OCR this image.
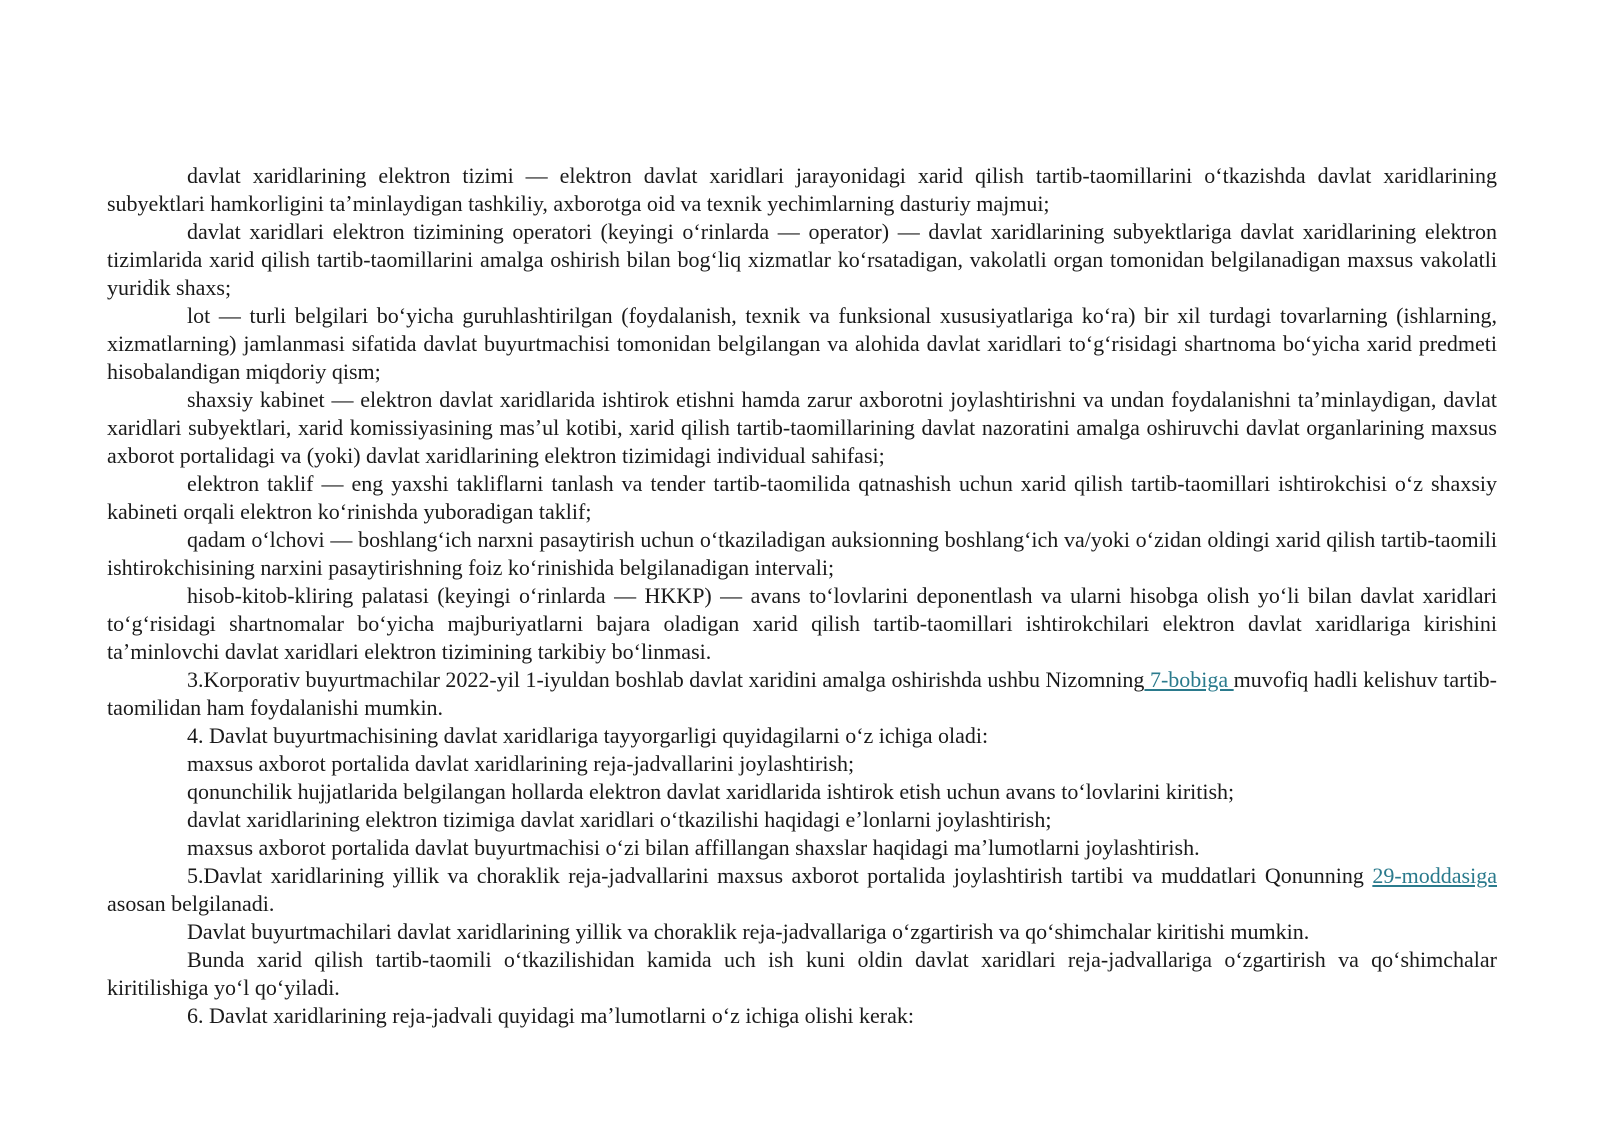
davlat xaridlarining elektron tizimi — elektron davlat xaridlari jarayonidagi xarid qilish tartib-taomillarini oʻtkazishda davlat xaridlarining subyektlari hamkorligini taʼminlaydigan tashkiliy, axborotga oid va texnik yechimlarning dasturiy majmui;

davlat xaridlari elektron tizimining operatori (keyingi oʻrinlarda — operator) — davlat xaridlarining subyektlariga davlat xaridlarining elektron tizimlarida xarid qilish tartib-taomillarini amalga oshirish bilan bogʻliq xizmatlar koʻrsatadigan, vakolatli organ tomonidan belgilanadigan maxsus vakolatli yuridik shaxs;

lot — turli belgilari boʻyicha guruhlashtirilgan (foydalanish, texnik va funksional xususiyatlariga koʻra) bir xil turdagi tovarlarning (ishlarning, xizmatlarning) jamlanmasi sifatida davlat buyurtmachisi tomonidan belgilangan va alohida davlat xaridlari toʻgʻrisidagi shartnoma boʻyicha xarid predmeti hisobalandigan miqdoriy qism;

shaxsiy kabinet — elektron davlat xaridlarida ishtirok etishni hamda zarur axborotni joylashtirishni va undan foydalanishni taʼminlaydigan, davlat xaridlari subyektlari, xarid komissiyasining masʼul kotibi, xarid qilish tartib-taomillarining davlat nazoratini amalga oshiruvchi davlat organlarining maxsus axborot portalidagi va (yoki) davlat xaridlarining elektron tizimidagi individual sahifasi;

elektron taklif — eng yaxshi takliflarni tanlash va tender tartib-taomilida qatnashish uchun xarid qilish tartib-taomillari ishtirokchisi oʻz shaxsiy kabineti orqali elektron koʻrinishda yuboradigan taklif;

qadam oʻlchovi — boshlangʻich narxni pasaytirish uchun oʻtkaziladigan auksionning boshlangʻich va/yoki oʻzidan oldingi xarid qilish tartib-taomili ishtirokchisining narxini pasaytirishning foiz koʻrinishida belgilanadigan intervali;

hisob-kitob-kliring palatasi (keyingi oʻrinlarda — HKKP) — avans toʻlovlarini deponentlash va ularni hisobga olish yoʻli bilan davlat xaridlari toʻgʻrisidagi shartnomalar boʻyicha majburiyatlarni bajara oladigan xarid qilish tartib-taomillari ishtirokchilari elektron davlat xaridlariga kirishini taʼminlovchi davlat xaridlari elektron tizimining tarkibiy boʻlinmasi.

3.Korporativ buyurtmachilar 2022-yil 1-iyuldan boshlab davlat xaridini amalga oshirishda ushbu Nizomning 7-bobiga muvofiq hadli kelishuv tartib-taomilidan ham foydalanishi mumkin.

4. Davlat buyurtmachisining davlat xaridlariga tayyorgarligi quyidagilarni oʻz ichiga oladi:

maxsus axborot portalida davlat xaridlarining reja-jadvallarini joylashtirish;

qonunchilik hujjatlarida belgilangan hollarda elektron davlat xaridlarida ishtirok etish uchun avans toʻlovlarini kiritish;

davlat xaridlarining elektron tizimiga davlat xaridlari oʻtkazilishi haqidagi eʼlonlarni joylashtirish;

maxsus axborot portalida davlat buyurtmachisi oʻzi bilan affillangan shaxslar haqidagi maʼlumotlarni joylashtirish.

5.Davlat xaridlarining yillik va choraklik reja-jadvallarini maxsus axborot portalida joylashtirish tartibi va muddatlari Qonunning 29-moddasiga asosan belgilanadi.

Davlat buyurtmachilari davlat xaridlarining yillik va choraklik reja-jadvallariga oʻzgartirish va qoʻshimchalar kiritishi mumkin.

Bunda xarid qilish tartib-taomili oʻtkazilishidan kamida uch ish kuni oldin davlat xaridlari reja-jadvallariga oʻzgartirish va qoʻshimchalar kiritilishiga yoʻl qoʻyiladi.

6. Davlat xaridlarining reja-jadvali quyidagi maʼlumotlarni oʻz ichiga olishi kerak:
